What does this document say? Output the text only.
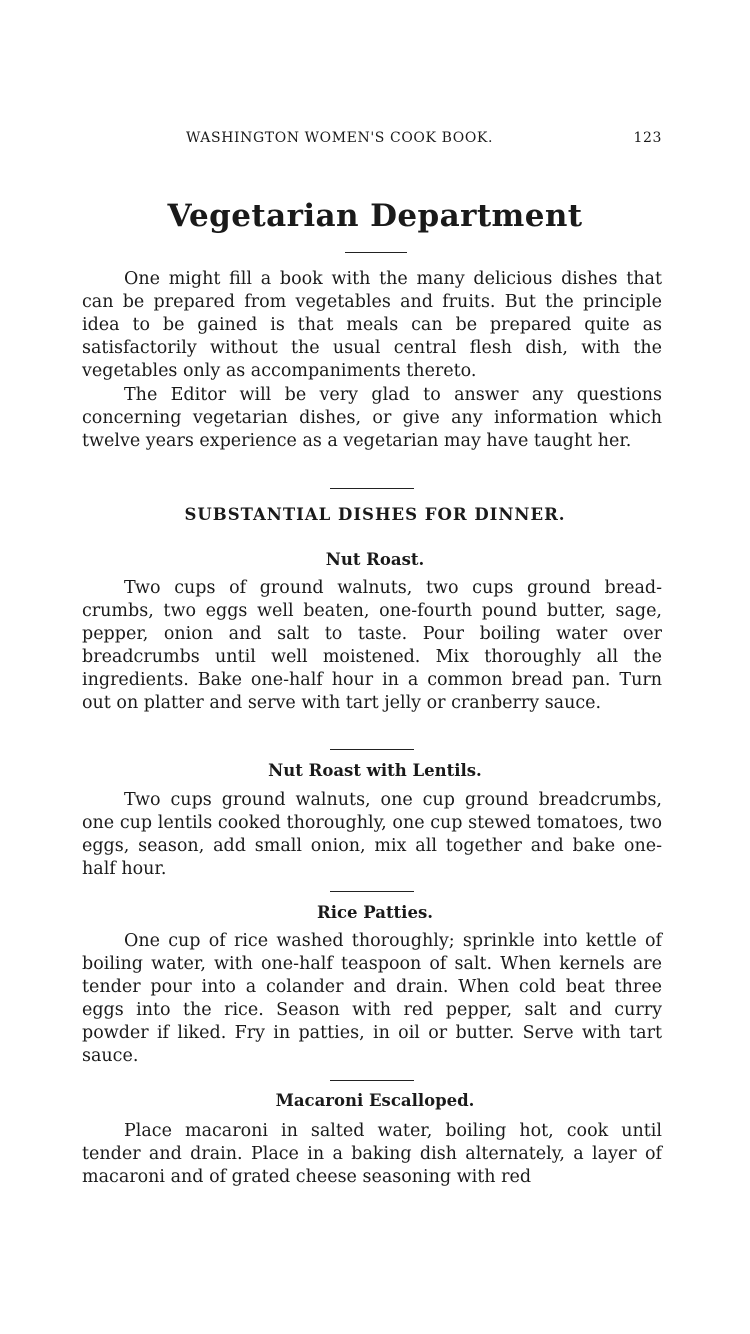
WASHINGTON WOMEN'S COOK BOOK.	123
Vegetarian Department

One might fill a book with the many delicious dishes that can be prepared from vegetables and fruits. But the principle idea to be gained is that meals can be prepared quite as satisfactorily without the usual central flesh dish, with the vegetables only as accompaniments thereto.

The Editor will be very glad to answer any questions concerning vegetarian dishes, or give any information which twelve years experience as a vegetarian may have taught her.

SUBSTANTIAL DISHES FOR DINNER.
Nut Roast.

Two cups of ground walnuts, two cups ground bread-crumbs, two eggs well beaten, one-fourth pound butter, sage, pepper, onion and salt to taste. Pour boiling water over breadcrumbs until well moistened. Mix thoroughly all the ingredients. Bake one-half hour in a common bread pan. Turn out on platter and serve with tart jelly or cranberry sauce.

Nut Roast with Lentils.

Two cups ground walnuts, one cup ground breadcrumbs, one cup lentils cooked thoroughly, one cup stewed tomatoes, two eggs, season, add small onion, mix all together and bake one-half hour.

Rice Patties.

One cup of rice washed thoroughly; sprinkle into kettle of boiling water, with one-half teaspoon of salt. When kernels are tender pour into a colander and drain. When cold beat three eggs into the rice. Season with red pepper, salt and curry powder if liked. Fry in patties, in oil or butter. Serve with tart sauce.

Macaroni Escalloped.

Place macaroni in salted water, boiling hot, cook until tender and drain. Place in a baking dish alternately, a layer of macaroni and of grated cheese seasoning with red
